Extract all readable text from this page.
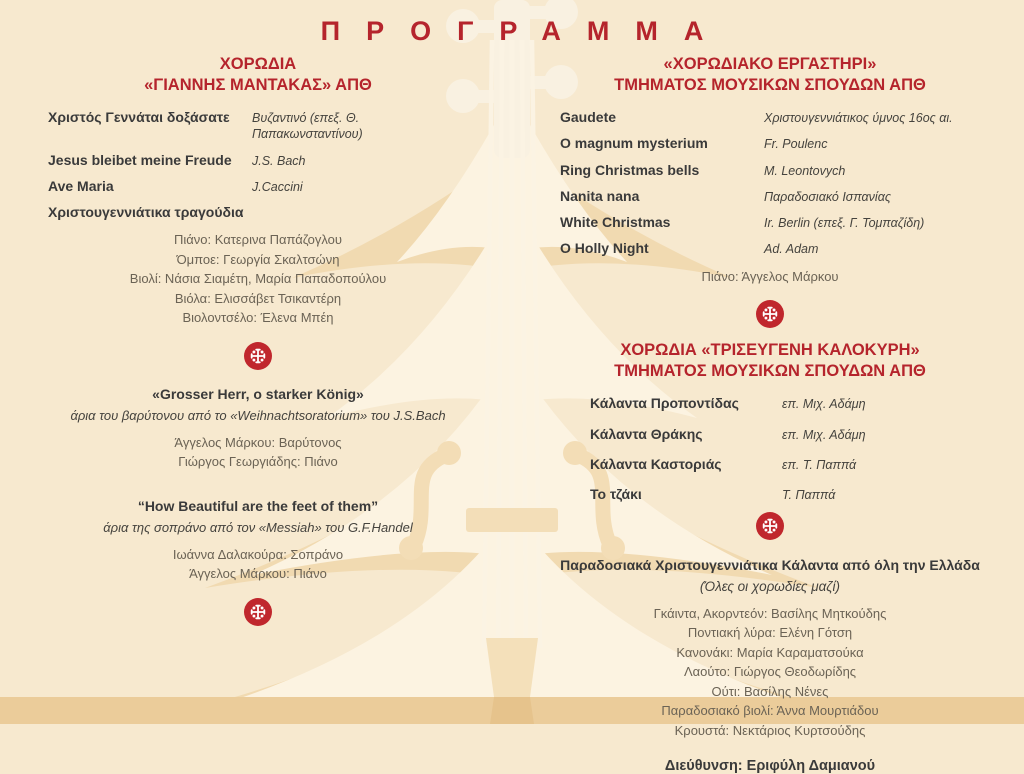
ΠΡΟΓΡΑΜΜΑ
ΧΟΡΩΔΙΑ
«ΓΙΑΝΝΗΣ ΜΑΝΤΑΚΑΣ» ΑΠΘ
Χριστός Γεννάται δοξάσατε	Βυζαντινό (επεξ. Θ. Παπακωνσταντίνου)
Jesus bleibet meine Freude	J.S. Bach
Ave Maria	J.Caccini
Χριστουγεννιάτικα τραγούδια
Πιάνο: Κατερινα Παπάζογλου
Όμποε: Γεωργία Σκαλτσώνη
Βιολί: Νάσια Σιαμέτη, Μαρία Παπαδοπούλου
Βιόλα: Ελισσάβετ Τσικαντέρη
Βιολοντσέλο: Έλενα Μπέη
«Grosser Herr, o starker König»
άρια του βαρύτονου από το «Weihnachtsoratorium» του J.S.Bach
Άγγελος Μάρκου: Βαρύτονος
Γιώργος Γεωργιάδης: Πιάνο
“How Beautiful are the feet of them”
άρια της σοπράνο από τον «Messiah» του G.F.Handel
Ιωάννα Δαλακούρα: Σοπράνο
Άγγελος Μάρκου: Πιάνο
«ΧΟΡΩΔΙΑΚΟ ΕΡΓΑΣΤΗΡΙ»
ΤΜΗΜΑΤΟΣ ΜΟΥΣΙΚΩΝ ΣΠΟΥΔΩΝ ΑΠΘ
Gaudete	Χριστουγεννιάτικος ύμνος 16ος αι.
O magnum mysterium	Fr. Poulenc
Ring Christmas bells	M. Leontovych
Nanita nana	Παραδοσιακό Ισπανίας
White Christmas	Ir. Berlin (επεξ. Γ. Τομπαζίδη)
O Holly Night	Ad. Adam
Πιάνο: Άγγελος Μάρκου
ΧΟΡΩΔΙΑ «ΤΡΙΣΕΥΓΕΝΗ ΚΑΛΟΚΥΡΗ»
ΤΜΗΜΑΤΟΣ ΜΟΥΣΙΚΩΝ ΣΠΟΥΔΩΝ ΑΠΘ
Κάλαντα Προποντίδας	επ. Μιχ. Αδάμη
Κάλαντα Θράκης	επ. Μιχ. Αδάμη
Κάλαντα Καστοριάς	επ. Τ. Παππά
Το τζάκι	Τ. Παππά
Παραδοσιακά Χριστουγεννιάτικα Κάλαντα από όλη την Ελλάδα
(Όλες οι χορωδίες μαζί)
Γκάιντα, Ακορντεόν: Βασίλης Μητκούδης
Ποντιακή λύρα: Ελένη Γότση
Κανονάκι: Μαρία Καραματσούκα
Λαούτο: Γιώργος Θεοδωρίδης
Ούτι: Βασίλης Νένες
Παραδοσιακό βιολί: Άννα Μουρτιάδου
Κρουστά: Νεκτάριος Κυρτσούδης
Διεύθυνση: Εριφύλη Δαμιανού
